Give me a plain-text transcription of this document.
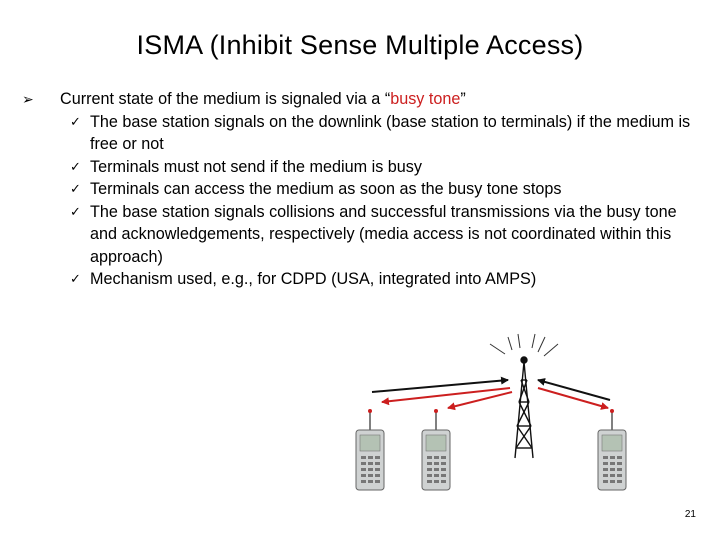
ISMA (Inhibit Sense Multiple Access)
➢ Current state of the medium is signaled via a “busy tone”
✓ The base station signals on the downlink (base station to terminals) if the medium is free or not
✓ Terminals must not send if the medium is busy
✓ Terminals can access the medium as soon as the busy tone stops
✓ The base station signals collisions and successful transmissions via the busy tone and acknowledgements, respectively (media access is not coordinated within this approach)
✓ Mechanism used, e.g., for CDPD (USA, integrated into AMPS)
21
